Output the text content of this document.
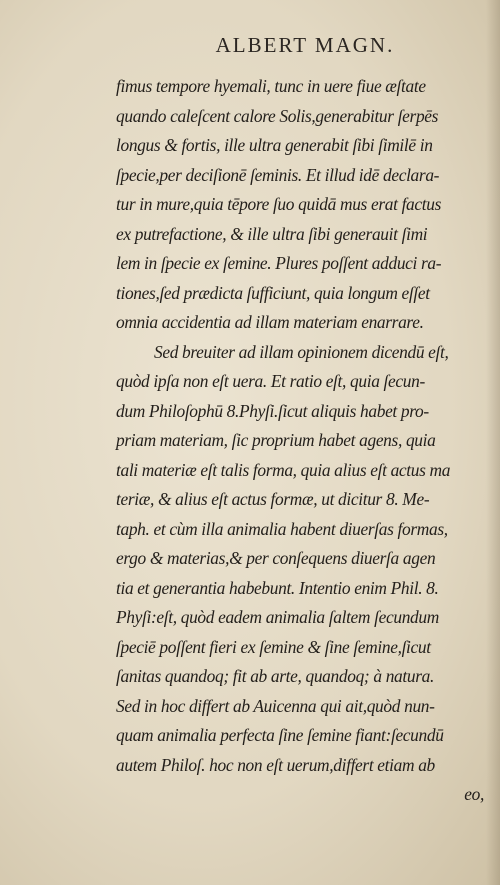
ALBERT MAGN.
fimus tempore hyemali, tunc in uere fiue æſtate
quando caleſcent calore Solis,generabitur ſerpēs
longus & fortis, ille ultra generabit ſibi ſimilē in
ſpecie,per deciſionē ſeminis. Et illud idē declara-
tur in mure,quia tēpore ſuo quidā mus erat factus
ex putrefactione, & ille ultra ſibi generauit ſimi
lem in ſpecie ex ſemine. Plures poſſent adduci ra-
tiones,ſed prædicta ſufficiunt, quia longum eſſet
omnia accidentia ad illam materiam enarrare.
Sed breuiter ad illam opinionem dicendū eſt,
quòd ipſa non eſt uera. Et ratio eſt, quia ſecun-
dum Philoſophū 8.Phyſi.ſicut aliquis habet pro-
priam materiam, ſic proprium habet agens, quia
tali materiæ eſt talis forma, quia alius eſt actus ma
teriæ, & alius eſt actus formæ, ut dicitur 8. Me-
taph. et cùm illa animalia habent diuerſas formas,
ergo & materias,& per conſequens diuerſa agen
tia et generantia habebunt. Intentio enim Phil. 8.
Phyſi:eſt, quòd eadem animalia ſaltem ſecundum
ſpeciē poſſent fieri ex ſemine & ſine ſemine,ſicut
ſanitas quandoq; fit ab arte, quandoq; à natura.
Sed in hoc differt ab Auicenna qui ait,quòd nun-
quam animalia perfecta ſine ſemine fiant:ſecundū
autem Philoſ. hoc non eſt uerum,differt etiam ab
eo,
